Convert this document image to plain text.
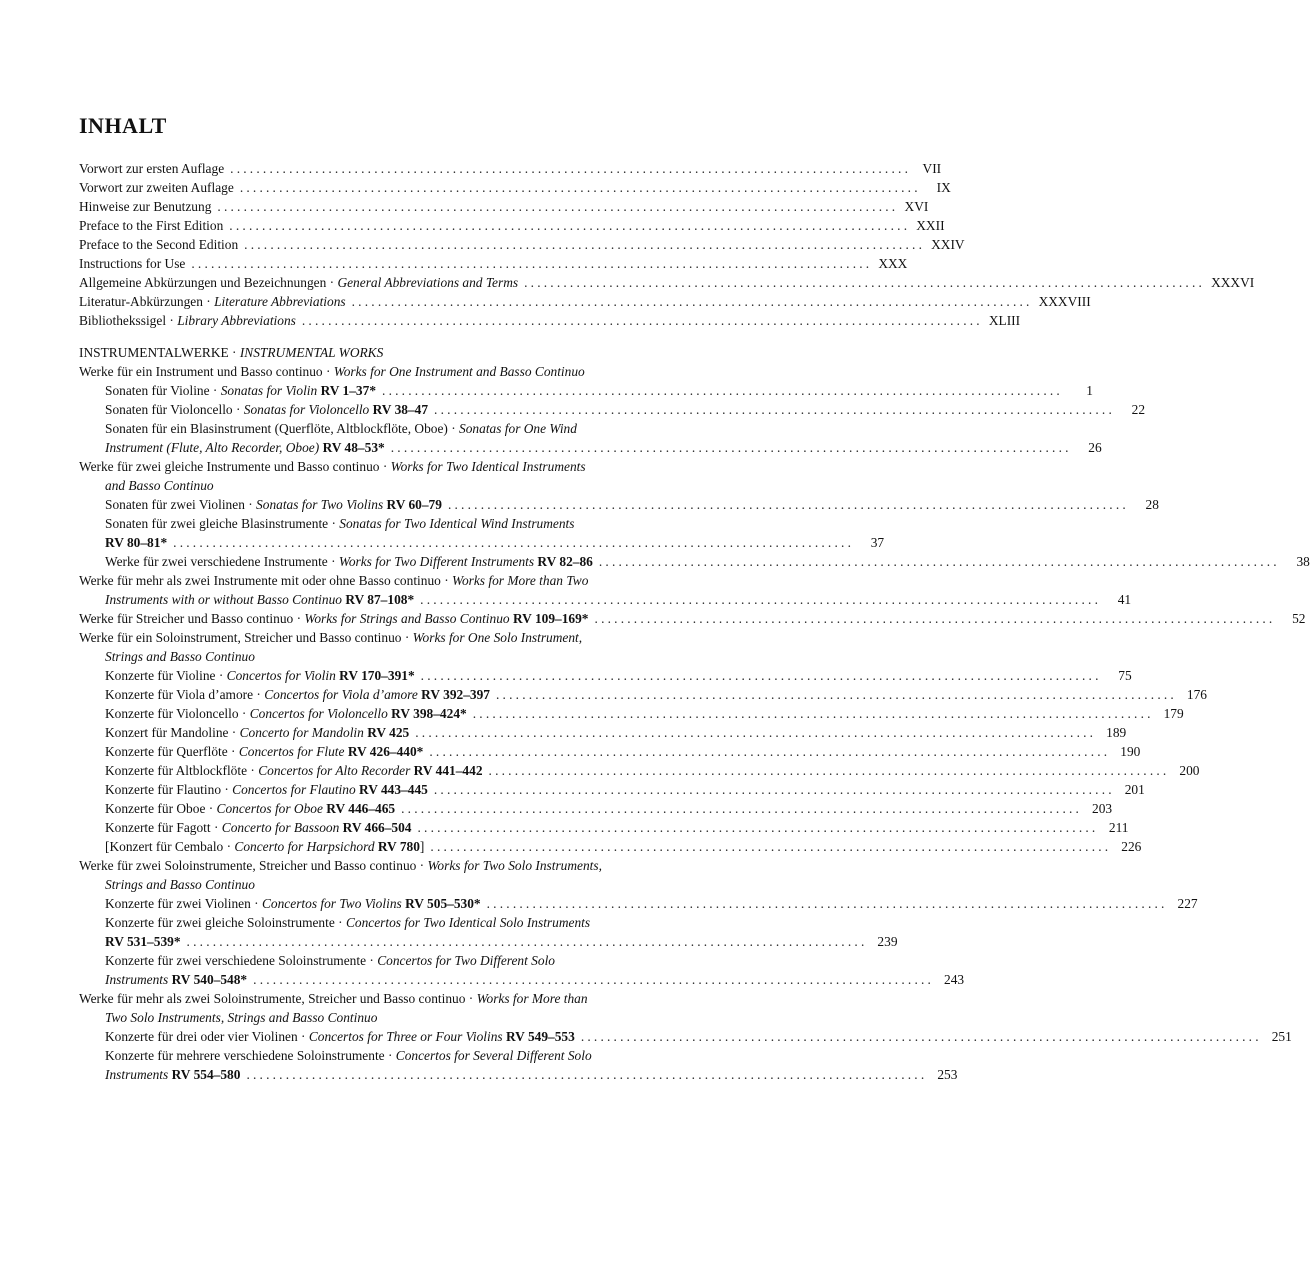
INHALT
Vorwort zur ersten Auflage ........................................................................................................ VII
Vorwort zur zweiten Auflage ........................................................................................................	IX
Hinweise zur Benutzung ........................................................................................................ XVI
Preface to the First Edition ........................................................................................................ XXII
Preface to the Second Edition ........................................................................................................ XXIV
Instructions for Use ........................................................................................................ XXX
Allgemeine Abkürzungen und Bezeichnungen · General Abbreviations and Terms ........................................................................................................ XXXVI
Literatur-Abkürzungen · Literature Abbreviations ........................................................................................................ XXXVIII
Bibliothekssigel · Library Abbreviations ........................................................................................................ XLIII
INSTRUMENTALWERKE · INSTRUMENTAL WORKS
Werke für ein Instrument und Basso continuo · Works for One Instrument and Basso Continuo
Sonaten für Violine · Sonatas for Violin RV 1–37* ........................................................................................................	1
Sonaten für Violoncello · Sonatas for Violoncello RV 38–47 ........................................................................................................	22
Sonaten für ein Blasinstrument (Querflöte, Altblockflöte, Oboe) · Sonatas for One Wind
Instrument (Flute, Alto Recorder, Oboe) RV 48–53* ........................................................................................................	26
Werke für zwei gleiche Instrumente und Basso continuo · Works for Two Identical Instruments
and Basso Continuo
Sonaten für zwei Violinen · Sonatas for Two Violins RV 60–79 ........................................................................................................	28
Sonaten für zwei gleiche Blasinstrumente · Sonatas for Two Identical Wind Instruments
RV 80–81* ........................................................................................................	37
Werke für zwei verschiedene Instrumente · Works for Two Different Instruments RV 82–86 ........................................................................................................	38
Werke für mehr als zwei Instrumente mit oder ohne Basso continuo · Works for More than Two
Instruments with or without Basso Continuo RV 87–108* ........................................................................................................	41
Werke für Streicher und Basso continuo · Works for Strings and Basso Continuo RV 109–169* ........................................................................................................	52
Werke für ein Soloinstrument, Streicher und Basso continuo · Works for One Solo Instrument,
Strings and Basso Continuo
Konzerte für Violine · Concertos for Violin RV 170–391* ........................................................................................................	75
Konzerte für Viola d’amore · Concertos for Viola d’amore RV 392–397 ........................................................................................................ 176
Konzerte für Violoncello · Concertos for Violoncello RV 398–424* ........................................................................................................ 179
Konzert für Mandoline · Concerto for Mandolin RV 425 ........................................................................................................ 189
Konzerte für Querflöte · Concertos for Flute RV 426–440* ........................................................................................................ 190
Konzerte für Altblockflöte · Concertos for Alto Recorder RV 441–442 ........................................................................................................ 200
Konzerte für Flautino · Concertos for Flautino RV 443–445 ........................................................................................................ 201
Konzerte für Oboe · Concertos for Oboe RV 446–465 ........................................................................................................ 203
Konzerte für Fagott · Concerto for Bassoon RV 466–504 ........................................................................................................ 211
[Konzert für Cembalo · Concerto for Harpsichord RV 780] ........................................................................................................ 226
Werke für zwei Soloinstrumente, Streicher und Basso continuo · Works for Two Solo Instruments,
Strings and Basso Continuo
Konzerte für zwei Violinen · Concertos for Two Violins RV 505–530* ........................................................................................................ 227
Konzerte für zwei gleiche Soloinstrumente · Concertos for Two Identical Solo Instruments
RV 531–539* ........................................................................................................ 239
Konzerte für zwei verschiedene Soloinstrumente · Concertos for Two Different Solo
Instruments RV 540–548* ........................................................................................................ 243
Werke für mehr als zwei Soloinstrumente, Streicher und Basso continuo · Works for More than
Two Solo Instruments, Strings and Basso Continuo
Konzerte für drei oder vier Violinen · Concertos for Three or Four Violins RV 549–553 ........................................................................................................ 251
Konzerte für mehrere verschiedene Soloinstrumente · Concertos for Several Different Solo
Instruments RV 554–580 ........................................................................................................ 253
